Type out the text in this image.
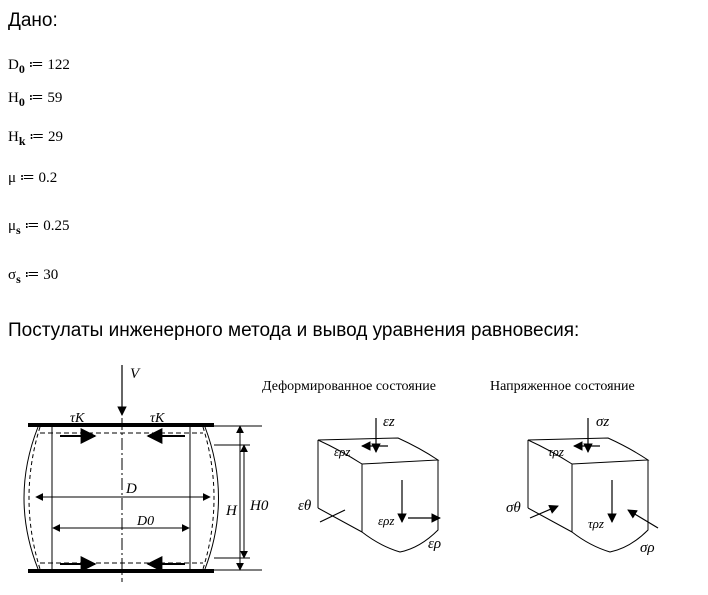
Дано:
$D_0$ ≔ 122
$H_0$ ≔ 59
$H_k$ ≔ 29
μ ≔ 0.2
$\mu_s$ ≔ 0.25
$\sigma_s$ ≔ 30
Постулаты инженерного метода и вывод уравнения равновесия:
V
D
D0
H H0
τK	τK
Деформированное состояние
εz
ερz
εθ
ερz
ερ
Напряженное состояние
σz
τρz
σθ
τρz
σρ
